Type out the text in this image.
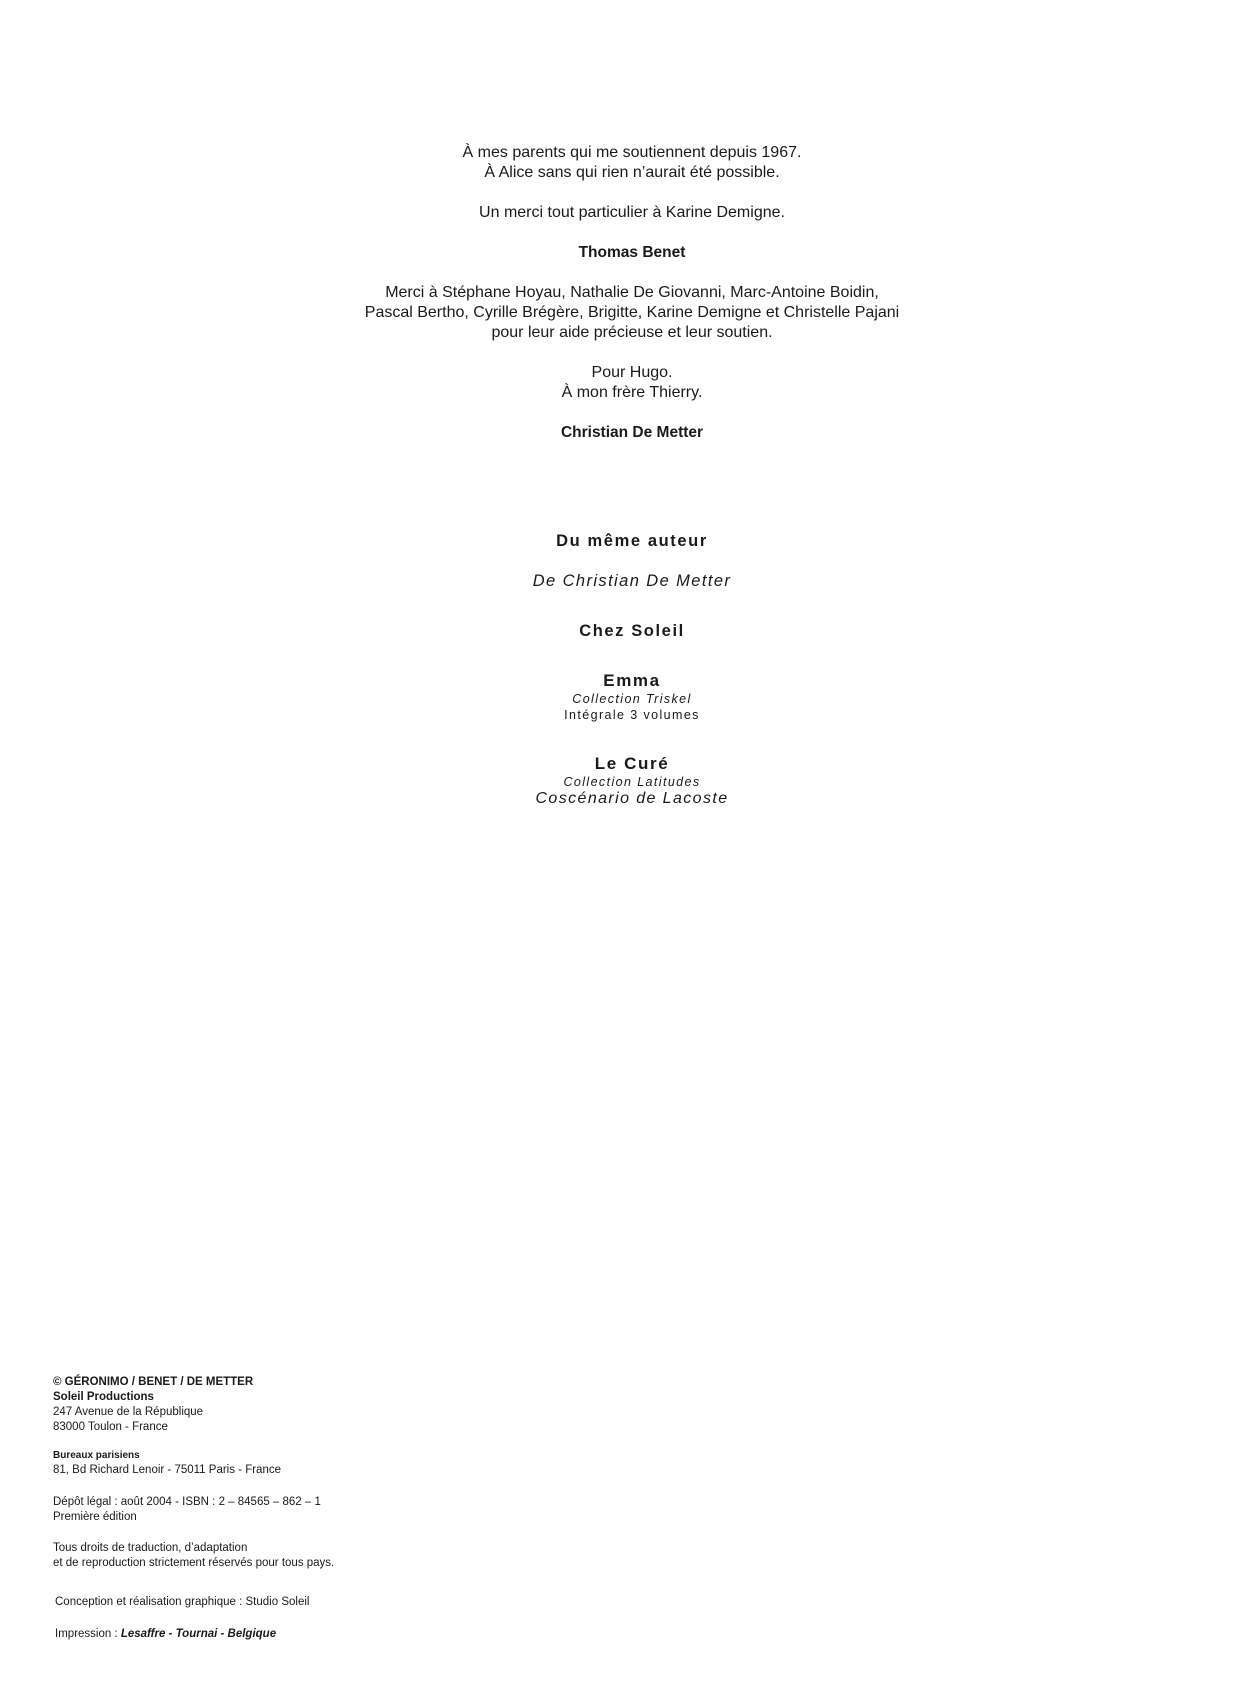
À mes parents qui me soutiennent depuis 1967.
À Alice sans qui rien n’aurait été possible.
Un merci tout particulier à Karine Demigne.
Thomas Benet
Merci à Stéphane Hoyau, Nathalie De Giovanni, Marc-Antoine Boidin,
Pascal Bertho, Cyrille Brégère, Brigitte, Karine Demigne et Christelle Pajani
pour leur aide précieuse et leur soutien.
Pour Hugo.
À mon frère Thierry.
Christian De Metter
Du même auteur
De Christian De Metter
Chez Soleil
Emma
Collection Triskel
Intégrale 3 volumes
Le Curé
Collection Latitudes
Coscénario de Lacoste
© GÉRONIMO / BENET / DE METTER
Soleil Productions
247 Avenue de la République
83000 Toulon - France
Bureaux parisiens
81, Bd Richard Lenoir - 75011 Paris - France
Dépôt légal : août 2004 - ISBN : 2 – 84565 – 862 – 1
Première édition
Tous droits de traduction, d’adaptation
et de reproduction strictement réservés pour tous pays.
Conception et réalisation graphique : Studio Soleil
Impression : Lesaffre - Tournai - Belgique
